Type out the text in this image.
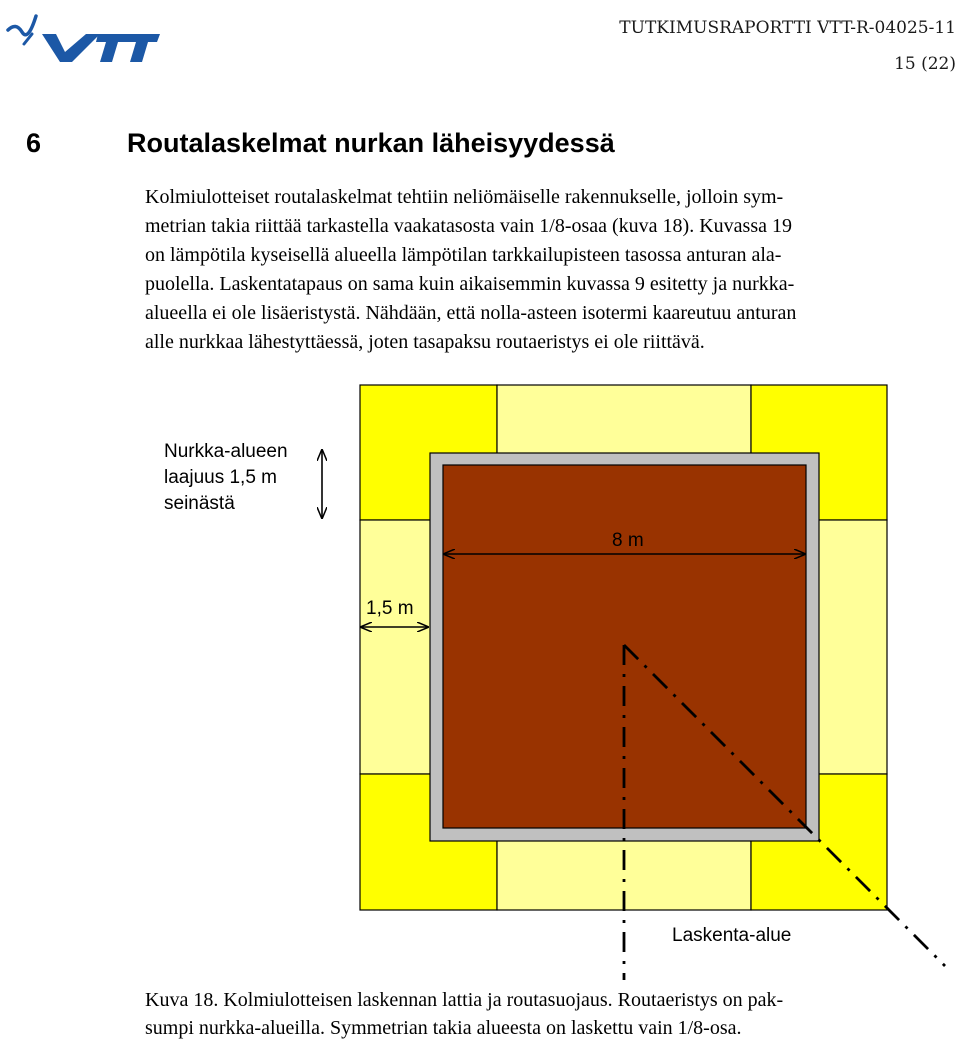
TUTKIMUSRAPORTTI VTT-R-04025-11
15 (22)
6	Routalaskelmat nurkan läheisyydessä

Kolmiulotteiset routalaskelmat tehtiin neliömäiselle rakennukselle, jolloin sym-

metrian takia riittää tarkastella vaakatasosta vain 1/8-osaa (kuva 18). Kuvassa 19

on lämpötila kyseisellä alueella lämpötilan tarkkailupisteen tasossa anturan ala-

puolella. Laskentatapaus on sama kuin aikaisemmin kuvassa 9 esitetty ja nurkka-

alueella ei ole lisäeristystä. Nähdään, että nolla-asteen isotermi kaareutuu anturan

alle nurkkaa lähestyttäessä, joten tasapaksu routaeristys ei ole riittävä.

Nurkka-alueen
laajuus 1,5 m
seinästä
8 m
1,5 m
Laskenta-alue

Kuva 18. Kolmiulotteisen laskennan lattia ja routasuojaus. Routaeristys on pak-

sumpi nurkka-alueilla. Symmetrian takia alueesta on laskettu vain 1/8-osa.
